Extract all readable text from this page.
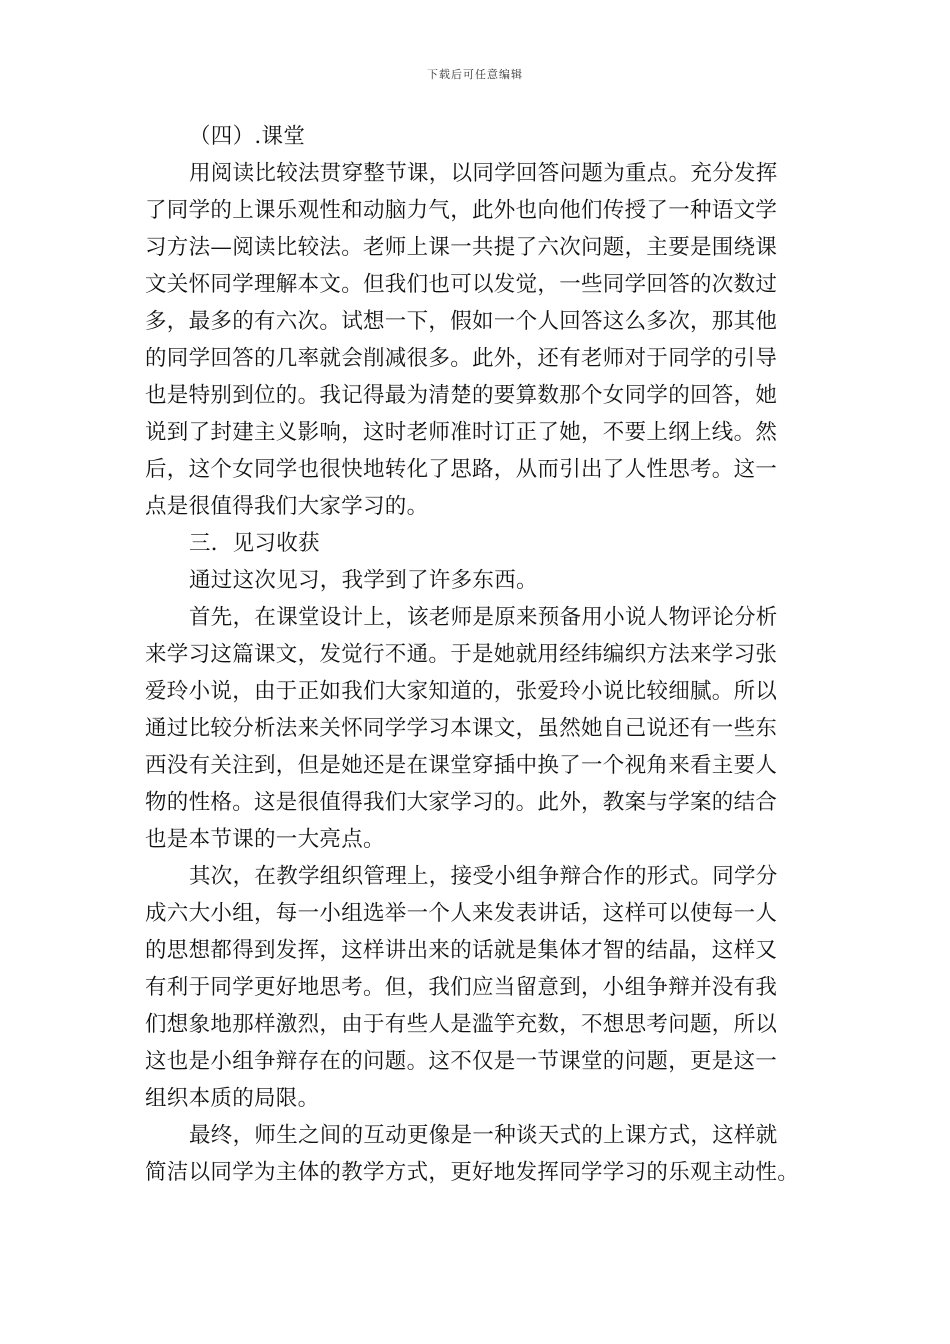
下载后可任意编辑
（四）.课堂
用阅读比较法贯穿整节课，以同学回答问题为重点。充分发挥
了同学的上课乐观性和动脑力气，此外也向他们传授了一种语文学
习方法—阅读比较法。老师上课一共提了六次问题，主要是围绕课
文关怀同学理解本文。但我们也可以发觉，一些同学回答的次数过
多，最多的有六次。试想一下，假如一个人回答这么多次，那其他
的同学回答的几率就会削减很多。此外，还有老师对于同学的引导
也是特别到位的。我记得最为清楚的要算数那个女同学的回答，她
说到了封建主义影响，这时老师准时订正了她，不要上纲上线。然
后，这个女同学也很快地转化了思路，从而引出了人性思考。这一
点是很值得我们大家学习的。
三．见习收获
通过这次见习，我学到了许多东西。
首先，在课堂设计上，该老师是原来预备用小说人物评论分析
来学习这篇课文，发觉行不通。于是她就用经纬编织方法来学习张
爱玲小说，由于正如我们大家知道的，张爱玲小说比较细腻。所以
通过比较分析法来关怀同学学习本课文，虽然她自己说还有一些东
西没有关注到，但是她还是在课堂穿插中换了一个视角来看主要人
物的性格。这是很值得我们大家学习的。此外，教案与学案的结合
也是本节课的一大亮点。
其次，在教学组织管理上，接受小组争辩合作的形式。同学分
成六大小组，每一小组选举一个人来发表讲话，这样可以使每一人
的思想都得到发挥，这样讲出来的话就是集体才智的结晶，这样又
有利于同学更好地思考。但，我们应当留意到，小组争辩并没有我
们想象地那样激烈，由于有些人是滥竽充数，不想思考问题，所以
这也是小组争辩存在的问题。这不仅是一节课堂的问题，更是这一
组织本质的局限。
最终，师生之间的互动更像是一种谈天式的上课方式，这样就
简洁以同学为主体的教学方式，更好地发挥同学学习的乐观主动性。
